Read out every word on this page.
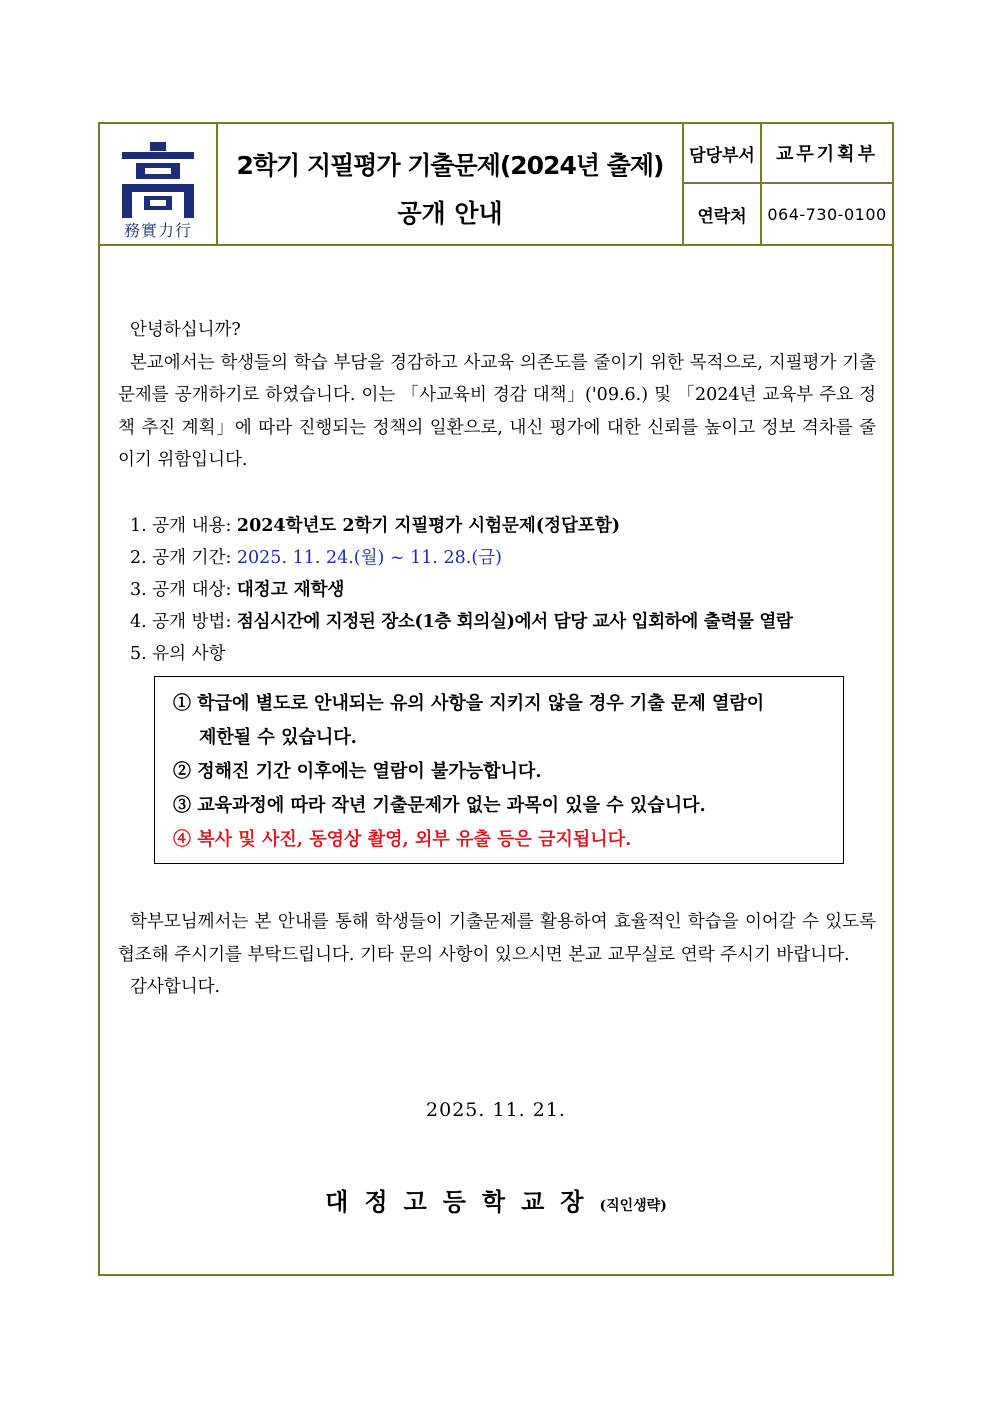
務實力行
2학기 지필평가 기출문제(2024년 출제)
공개 안내
담당부서	교무기획부
연락처	064-730-0100
안녕하십니까?
본교에서는 학생들의 학습 부담을 경감하고 사교육 의존도를 줄이기 위한 목적으로, 지필평가 기출문제를 공개하기로 하였습니다. 이는 「사교육비 경감 대책」('09.6.) 및 「2024년 교육부 주요 정책 추진 계획」에 따라 진행되는 정책의 일환으로, 내신 평가에 대한 신뢰를 높이고 정보 격차를 줄이기 위함입니다.
1. 공개 내용: 2024학년도 2학기 지필평가 시험문제(정답포함)
2. 공개 기간: 2025. 11. 24.(월) ~ 11. 28.(금)
3. 공개 대상: 대정고 재학생
4. 공개 방법: 점심시간에 지정된 장소(1층 회의실)에서 담당 교사 입회하에 출력물 열람
5. 유의 사항
① 학급에 별도로 안내되는 유의 사항을 지키지 않을 경우 기출 문제 열람이
제한될 수 있습니다.
② 정해진 기간 이후에는 열람이 불가능합니다.
③ 교육과정에 따라 작년 기출문제가 없는 과목이 있을 수 있습니다.
④ 복사 및 사진, 동영상 촬영, 외부 유출 등은 금지됩니다.
학부모님께서는 본 안내를 통해 학생들이 기출문제를 활용하여 효율적인 학습을 이어갈 수 있도록 협조해 주시기를 부탁드립니다. 기타 문의 사항이 있으시면 본교 교무실로 연락 주시기 바랍니다.
감사합니다.
2025. 11. 21.
대정고등학교장(직인생략)
